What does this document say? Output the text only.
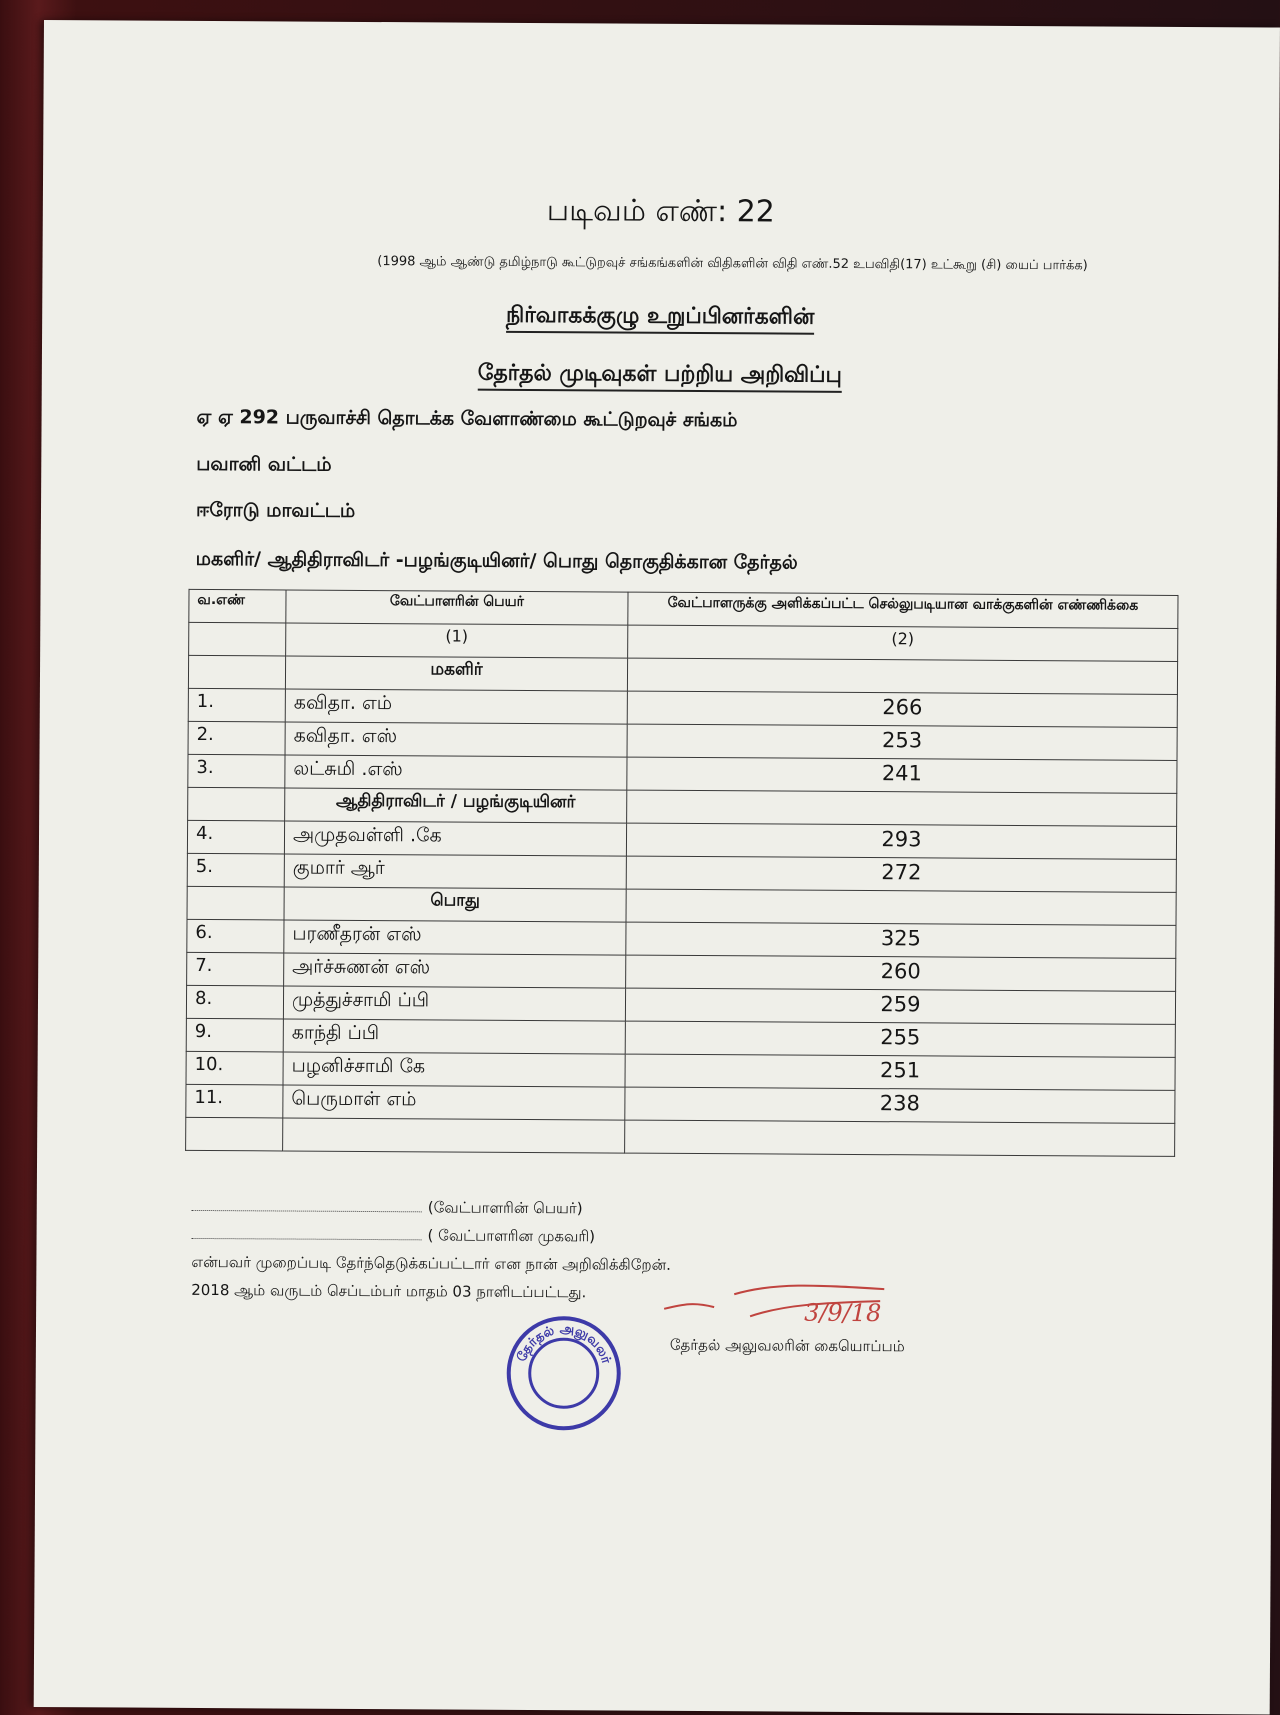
படிவம் எண்: 22
(1998 ஆம் ஆண்டு தமிழ்நாடு கூட்டுறவுச் சங்கங்களின் விதிகளின் விதி எண்.52 உபவிதி(17) உட்கூறு (சி) யைப் பார்க்க)
நிர்வாகக்குழு உறுப்பினர்களின்
தேர்தல் முடிவுகள் பற்றிய அறிவிப்பு
ஏ ஏ 292 பருவாச்சி தொடக்க வேளாண்மை கூட்டுறவுச் சங்கம்
பவானி வட்டம்
ஈரோடு மாவட்டம்
மகளிர்/ ஆதிதிராவிடர் -பழங்குடியினர்/ பொது தொகுதிக்கான தேர்தல்
வ.எண்	வேட்பாளரின் பெயர்	வேட்பாளருக்கு அளிக்கப்பட்ட செல்லுபடியான வாக்குகளின் எண்ணிக்கை
	(1)	(2)
	மகளிர்	
1.	கவிதா. எம்	266
2.	கவிதா. எஸ்	253
3.	லட்சுமி .எஸ்	241
	ஆதிதிராவிடர் / பழங்குடியினர்	
4.	அமுதவள்ளி .கே	293
5.	குமார் ஆர்	272
	பொது	
6.	பரணீதரன் எஸ்	325
7.	அர்ச்சுணன் எஸ்	260
8.	முத்துச்சாமி ப்பி	259
9.	காந்தி ப்பி	255
10.	பழனிச்சாமி கே	251
11.	பெருமாள் எம்	238

(வேட்பாளரின் பெயர்)
( வேட்பாளரின முகவரி)
என்பவர் முறைப்படி தேர்ந்தெடுக்கப்பட்டார் என நான் அறிவிக்கிறேன்.
2018 ஆம் வருடம் செப்டம்பர் மாதம் 03 நாளிடப்பட்டது.
3/9/18
தேர்தல் அலுவலரின் கையொப்பம்
தேர்தல் அலுவலர்
